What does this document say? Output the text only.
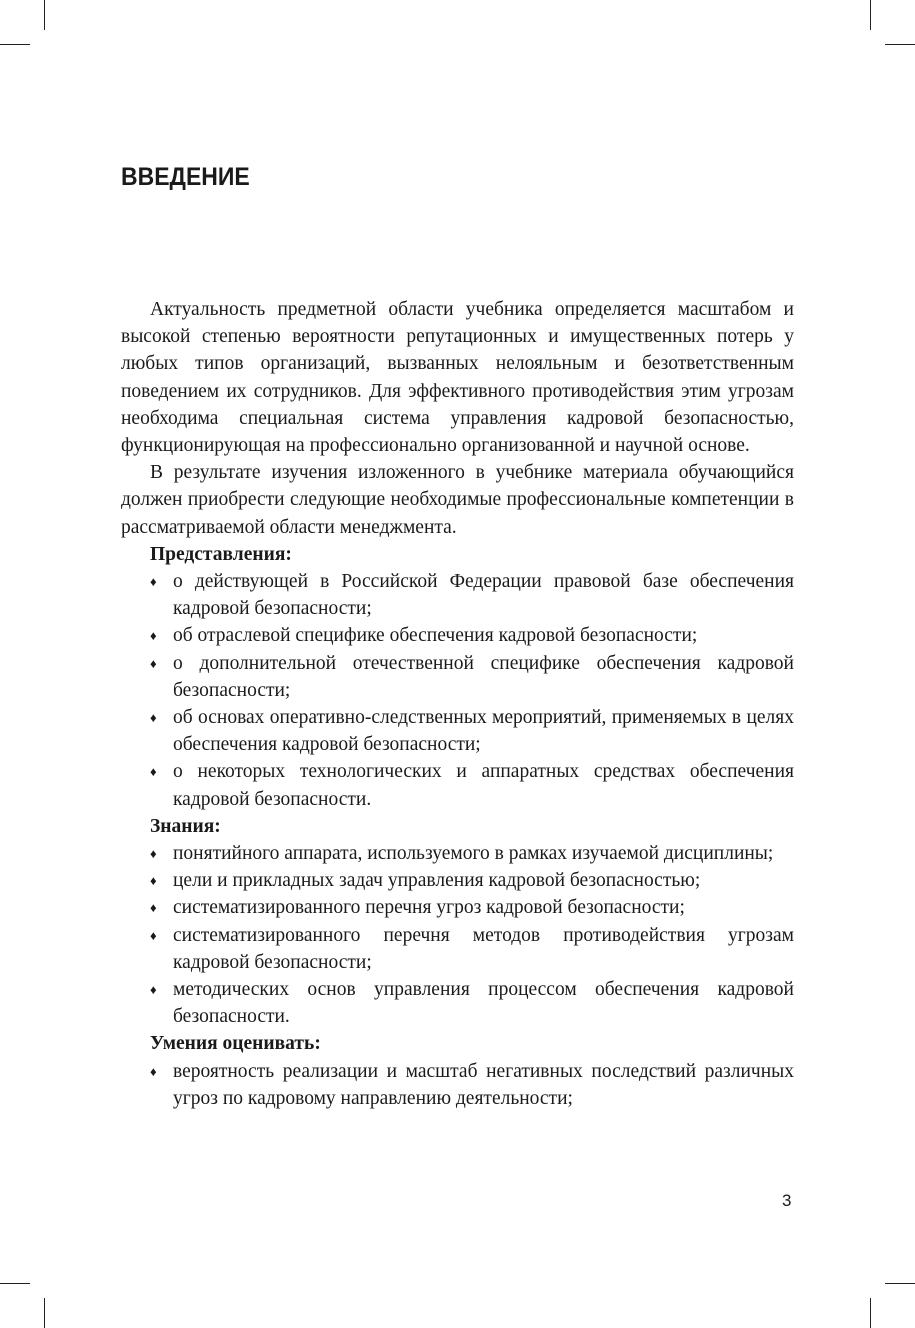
ВВЕДЕНИЕ

Актуальность предметной области учебника определяется масштабом и высокой степенью вероятности репутационных и имущественных потерь у любых типов организаций, вызванных нелояльным и безответственным поведением их сотрудников. Для эффективного противодействия этим угрозам необходима специальная система управления кадровой безопасностью, функционирующая на профессионально организованной и научной основе.

В результате изучения изложенного в учебнике материала обучающийся должен приобрести следующие необходимые профессиональные компетенции в рассматриваемой области менеджмента.

Представления:
♦ о действующей в Российской Федерации правовой базе обеспечения кадровой безопасности;
♦ об отраслевой специфике обеспечения кадровой безопасности;
♦ о дополнительной отечественной специфике обеспечения кадровой безопасности;
♦ об основах оперативно-следственных мероприятий, применяемых в целях обеспечения кадровой безопасности;
♦ о некоторых технологических и аппаратных средствах обеспечения кадровой безопасности.
Знания:
♦ понятийного аппарата, используемого в рамках изучаемой дисциплины;
♦ цели и прикладных задач управления кадровой безопасностью;
♦ систематизированного перечня угроз кадровой безопасности;
♦ систематизированного перечня методов противодействия угрозам кадровой безопасности;
♦ методических основ управления процессом обеспечения кадровой безопасности.
Умения оценивать:
♦ вероятность реализации и масштаб негативных последствий различных угроз по кадровому направлению деятельности;
3
